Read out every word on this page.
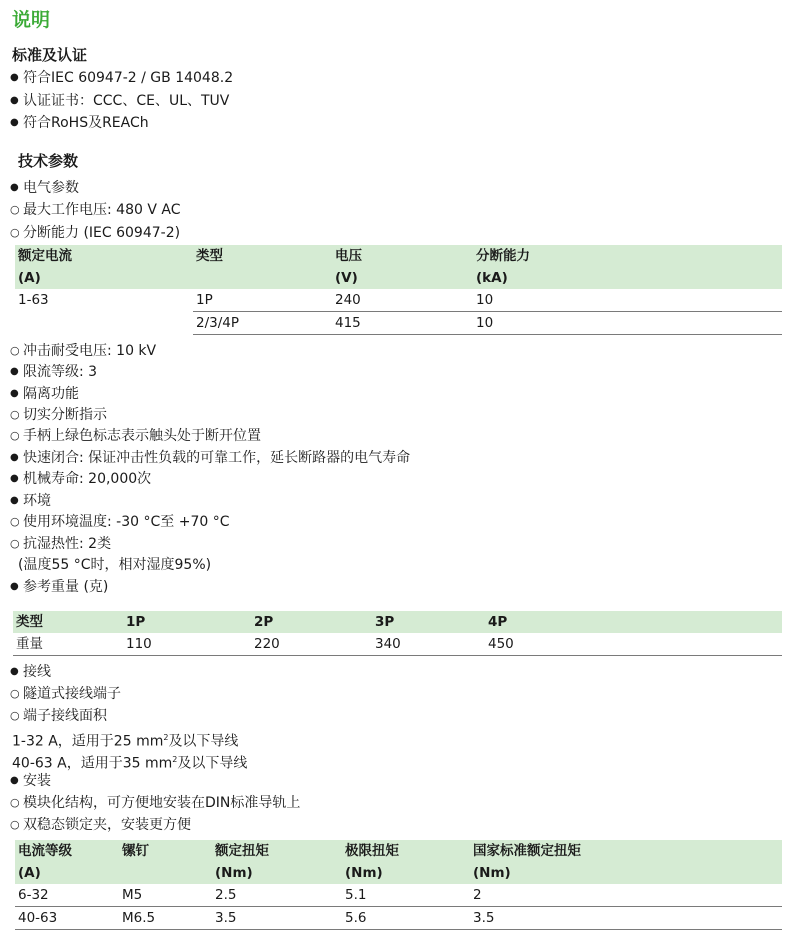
说明
标准及认证
● 符合IEC 60947-2 / GB 14048.2
● 认证证书：CCC、CE、UL、TUV
● 符合RoHS及REACh
技术参数
● 电气参数
○ 最大工作电压: 480 V AC
○ 分断能力 (IEC 60947-2)
额定电流	类型	电压	分断能力
(A)		(V)	(kA)
1-63	1P	240	10
	2/3/4P	415	10
○ 冲击耐受电压: 10 kV
● 限流等级: 3
● 隔离功能
○ 切实分断指示
○ 手柄上绿色标志表示触头处于断开位置
● 快速闭合: 保证冲击性负载的可靠工作，延长断路器的电气寿命
● 机械寿命: 20,000次
● 环境
○ 使用环境温度: -30 °C至 +70 °C
○ 抗湿热性: 2类
(温度55 °C时，相对湿度95%)
● 参考重量 (克)
类型	1P	2P	3P	4P
重量	110	220	340	450
● 接线
○ 隧道式接线端子
○ 端子接线面积
1-32 A，适用于25 $mm^2$及以下导线
40-63 A，适用于35 $mm^2$及以下导线
● 安装
○ 模块化结构，可方便地安装在DIN标准导轨上
○ 双稳态锁定夹，安装更方便
电流等级	镙钉	额定扭矩	极限扭矩	国家标准额定扭矩
(A)		(Nm)	(Nm)	(Nm)
6-32	M5	2.5	5.1	2
40-63	M6.5	3.5	5.6	3.5
